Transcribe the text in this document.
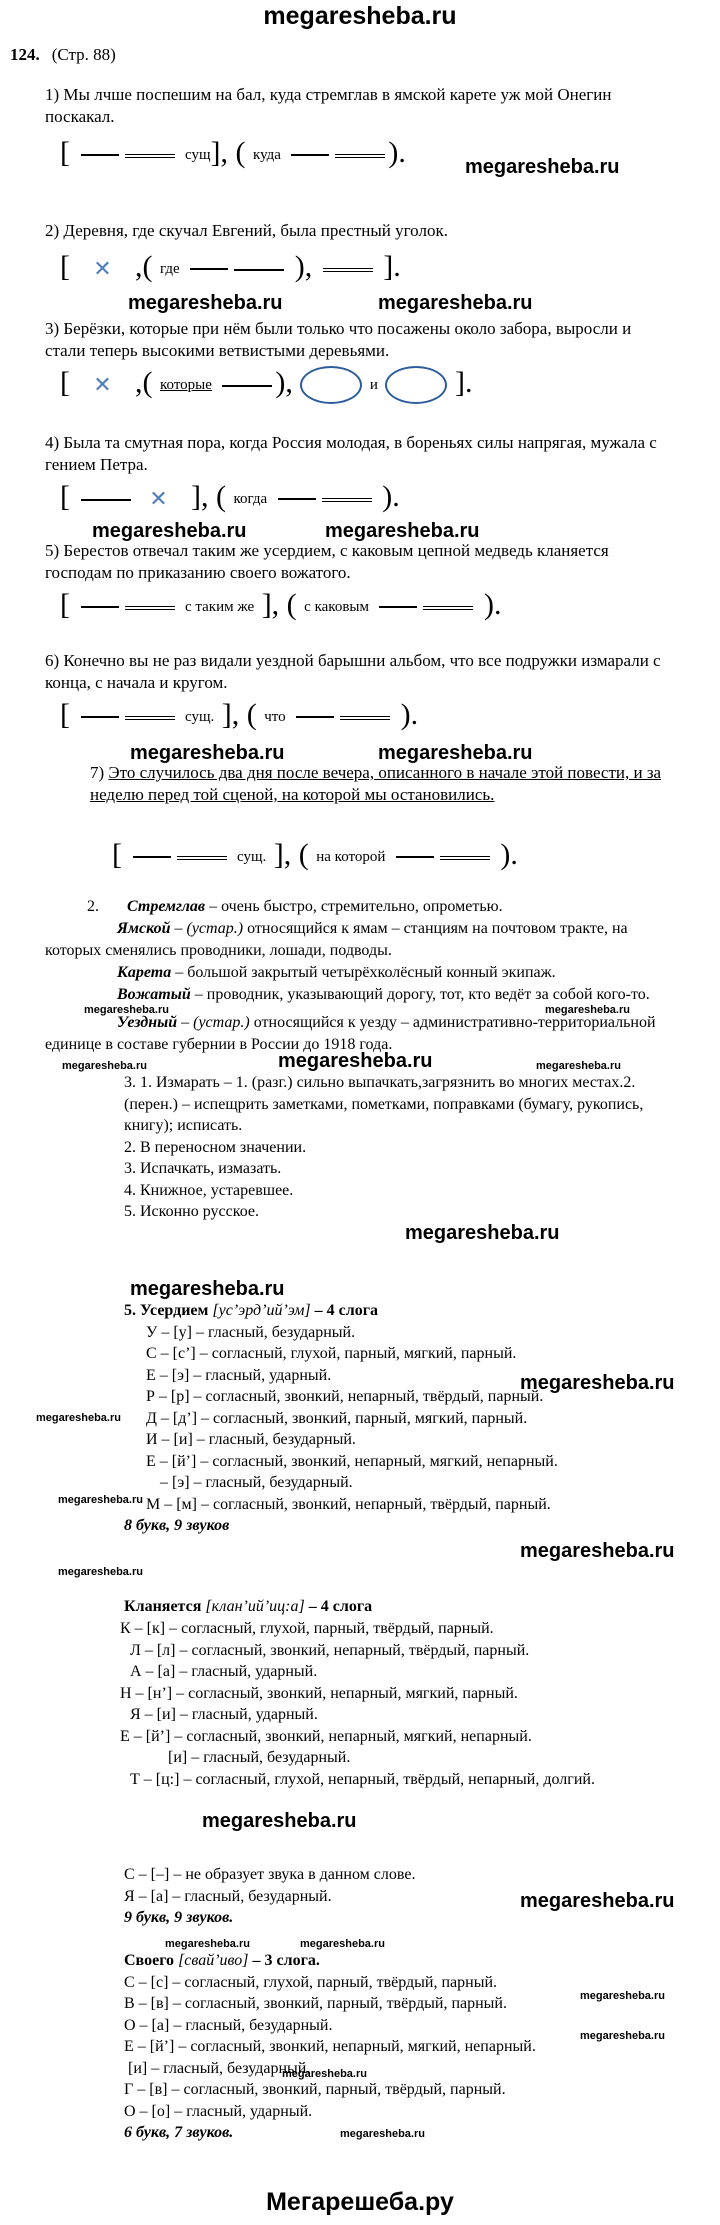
megaresheba.ru
124. (Стр. 88)
1) Мы лчше поспешим на бал, куда стремглав в ямской карете уж мой Онегин поскакал.
[	сущ], ( куда	).	megaresheba.ru
2) Деревня, где скучал Евгений, была престный уголок.
[ ✕ ,( где	),  ].
megaresheba.ru	megaresheba.ru
3) Берёзки, которые при нём были только что посажены около забора, выросли и стали теперь высокими ветвистыми деревьями.
[ ✕ ,( которые ),	и  ].
4) Была та смутная пора, когда Россия молодая, в бореньях силы напрягая, мужала с гением Петра.
[	✕ ], ( когда	).
megaresheba.ru	megaresheba.ru
5) Берестов отвечал таким же усердием, с каковым цепной медведь кланяется господам по приказанию своего вожатого.
[	с таким же ], ( с каковым	).
6) Конечно вы не раз видали уездной барышни альбом, что все подружки измарали с конца, с начала и кругом.
[	сущ. ], ( что	).
megaresheba.ru	megaresheba.ru
7) Это случилось два дня после вечера, описанного в начале этой повести, и за неделю перед той сценой, на которой мы остановились.
[	сущ. ], ( на которой	).
2. Стремглав – очень быстро, стремительно, опрометью.
Ямской – (устар.) относящийся к ямам – станциям на почтовом тракте, на которых сменялись проводники, лошади, подводы.
Карета – большой закрытый четырёхколёсный конный экипаж.
Вожатый – проводник, указывающий дорогу, тот, кто ведёт за собой кого-то.
Уездный – (устар.) относящийся к уезду – административно-территориальной единице в составе губернии в России до 1918 года.
megaresheba.ru	megaresheba.ru
megaresheba.ru	megaresheba.ru
megaresheba.ru
3. 1. Измарать – 1. (разг.) сильно выпачкать,загрязнить во многих местах.2. (перен.) – испещрить заметками, пометками, поправками (бумагу, рукопись, книгу); исписать.
2. В переносном значении.
3. Испачкать, измазать.
4. Книжное, устаревшее.
5. Исконно русское.
megaresheba.ru
megaresheba.ru
5. Усердием [ус’эрд’ий’эм] – 4 слога
У – [у] – гласный, безударный.
С – [с’] – согласный, глухой, парный, мягкий, парный.
Е – [э] – гласный, ударный.
Р – [р] – согласный, звонкий, непарный, твёрдый, парный.
Д – [д’] – согласный, звонкий, парный, мягкий, парный.
И – [и] – гласный, безударный.
Е – [й’] – согласный, звонкий, непарный, мягкий, непарный.
– [э] – гласный, безударный.
М – [м] – согласный, звонкий, непарный, твёрдый, парный.
8 букв, 9 звуков
megaresheba.ru
megaresheba.ru
megaresheba.ru
megaresheba.ru
megaresheba.ru
Кланяется [клан’ий’иц:а] – 4 слога
К – [к] – согласный, глухой, парный, твёрдый, парный.
Л – [л] – согласный, звонкий, непарный, твёрдый, парный.
А – [а] – гласный, ударный.
Н – [н’] – согласный, звонкий, непарный, мягкий, парный.
Я – [и] – гласный, ударный.
Е – [й’] – согласный, звонкий, непарный, мягкий, непарный.
[и] – гласный, безударный.
Т – [ц:] – согласный, глухой, непарный, твёрдый, непарный, долгий.
megaresheba.ru
megaresheba.ru
С – [–] – не образует звука в данном слове.
Я – [а] – гласный, безударный.
9 букв, 9 звуков.
megaresheba.ru	megaresheba.ru
Своего [свай’иво] – 3 слога.
С – [с] – согласный, глухой, парный, твёрдый, парный.
В – [в] – согласный, звонкий, парный, твёрдый, парный.
О – [а] – гласный, безударный.
Е – [й’] – согласный, звонкий, непарный, мягкий, непарный.
[и] – гласный, безударный.
Г – [в] – согласный, звонкий, парный, твёрдый, парный.
О – [о] – гласный, ударный.
6 букв, 7 звуков.
megaresheba.ru
megaresheba.ru
megaresheba.ru
megaresheba.ru
Мегарешеба.ру
